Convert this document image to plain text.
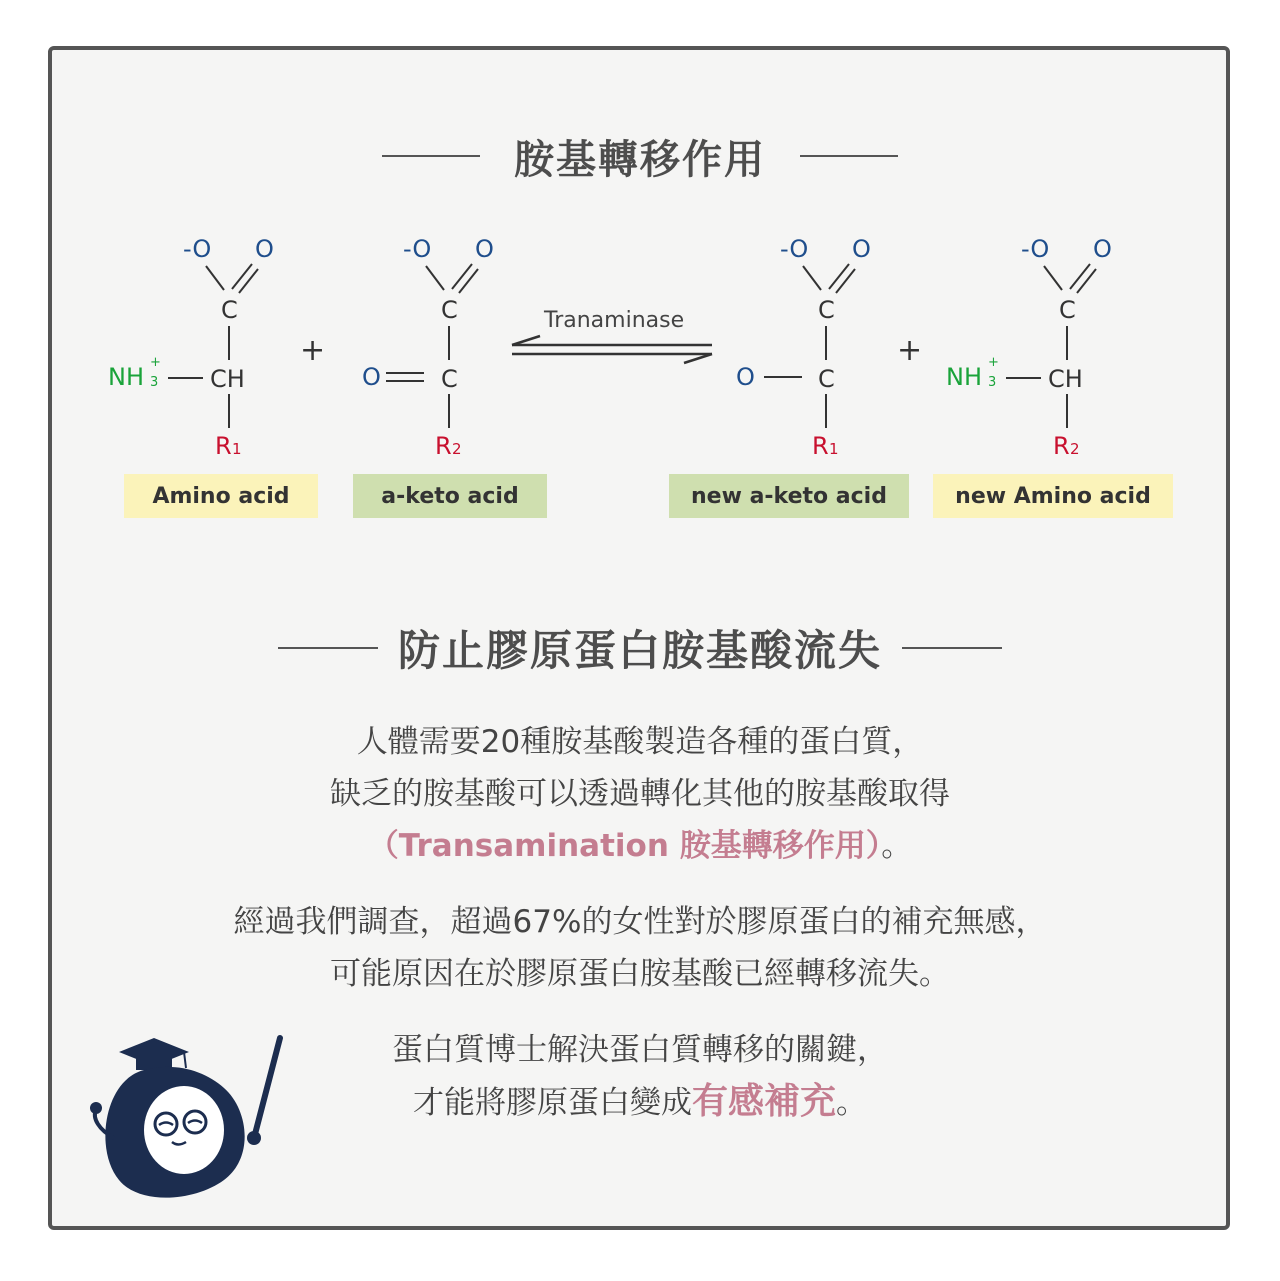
胺基轉移作用
-O O
C
CH
NH
+
3
R 1
+
-O O
C
C
O
R 2
Tranaminase
-O O
C
C
O
R 1
+
-O O
C
CH
NH
+
3
R 2
Amino acid	a-keto acid	new a-keto acid	new Amino acid
防止膠原蛋白胺基酸流失
人體需要20種胺基酸製造各種的蛋白質，
缺乏的胺基酸可以透過轉化其他的胺基酸取得
（Transamination 胺基轉移作用）。
經過我們調查，超過67%的女性對於膠原蛋白的補充無感，
可能原因在於膠原蛋白胺基酸已經轉移流失。
蛋白質博士解決蛋白質轉移的關鍵，
才能將膠原蛋白變成有感補充。
